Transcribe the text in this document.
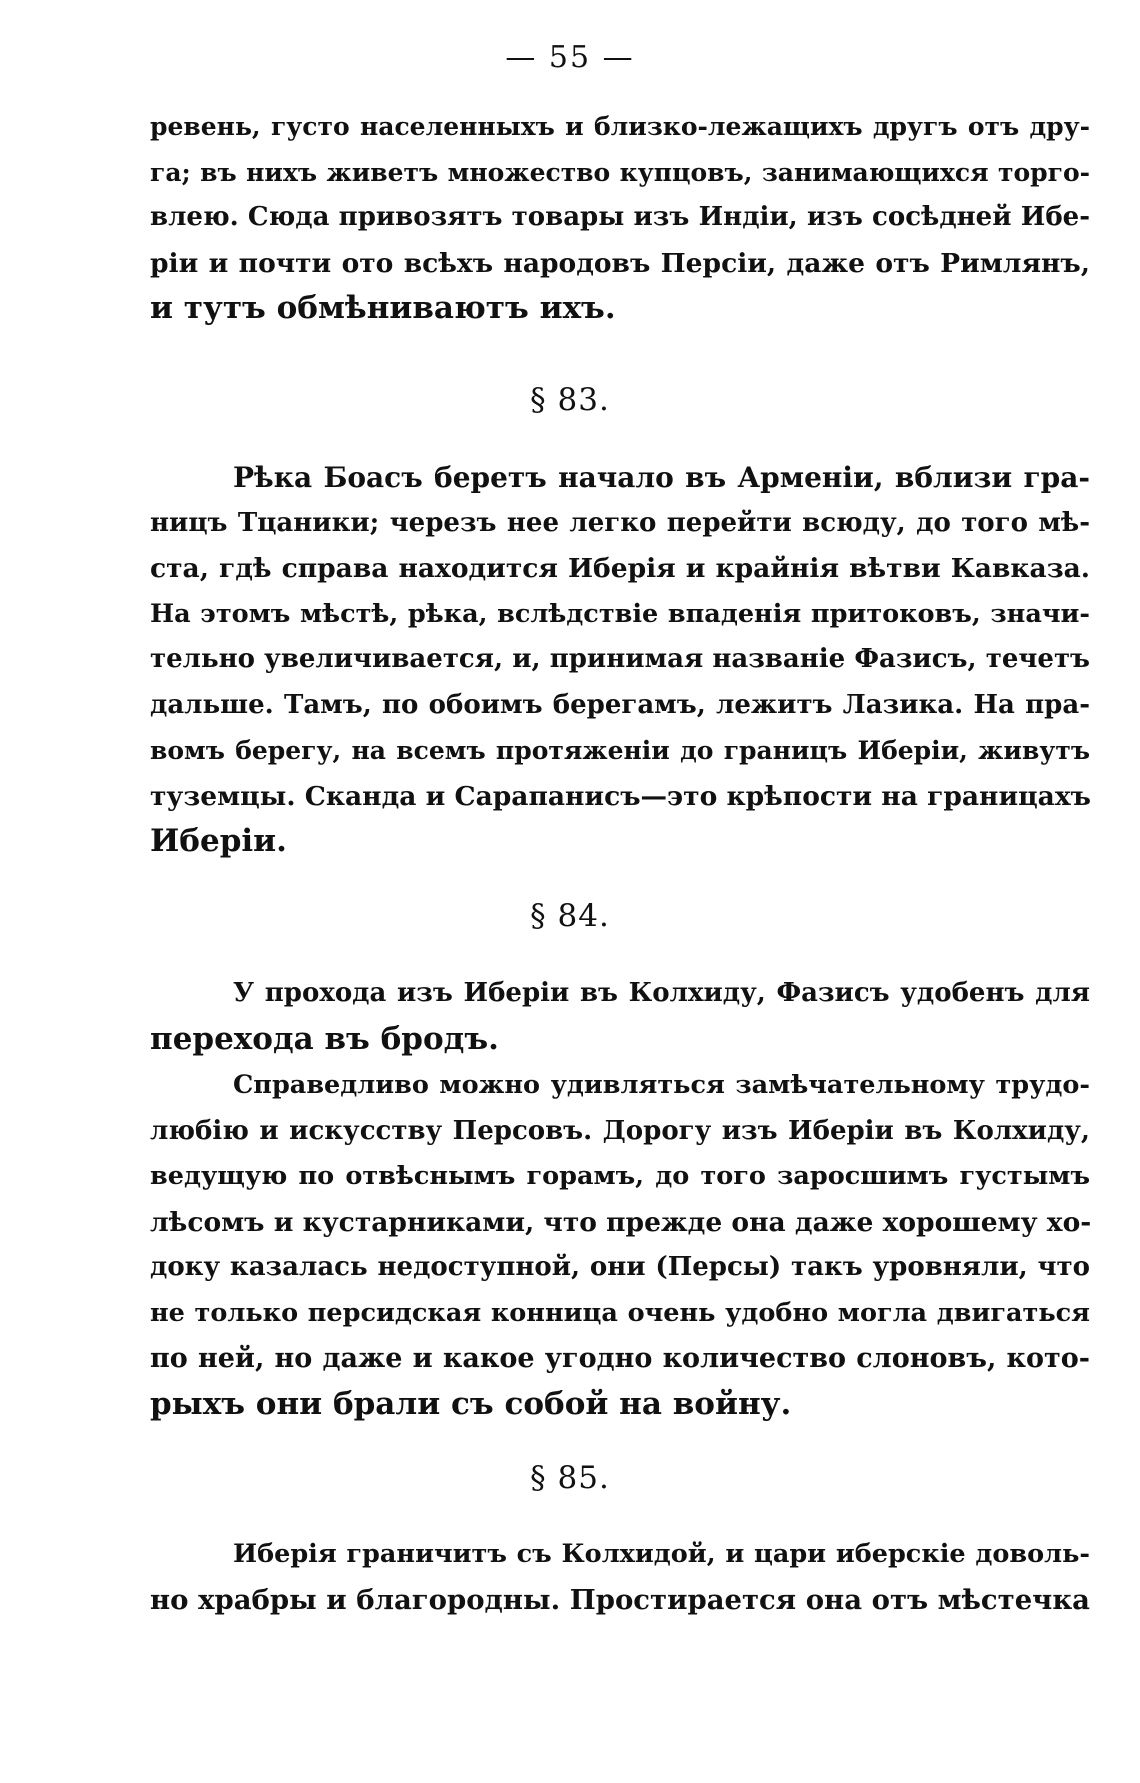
— 55 —
ревень, густо населенныхъ и близко-лежащихъ другъ отъ дру-
га; въ нихъ живетъ множество купцовъ, занимающихся торго-
влею. Сюда привозятъ товары изъ Индіи, изъ сосѣдней Ибе-
ріи и почти ото всѣхъ народовъ Персіи, даже отъ Римлянъ,
и тутъ обмѣниваютъ ихъ.
§ 83.
Рѣка Боасъ беретъ начало въ Арменіи, вблизи гра-
ницъ Тцаники; черезъ нее легко перейти всюду, до того мѣ-
ста, гдѣ справа находится Иберія и крайнія вѣтви Кавказа.
На этомъ мѣстѣ, рѣка, вслѣдствіе впаденія притоковъ, значи-
тельно увеличивается, и, принимая названіе Фазисъ, течетъ
дальше. Тамъ, по обоимъ берегамъ, лежитъ Лазика. На пра-
вомъ берегу, на всемъ протяженіи до границъ Иберіи, живутъ
туземцы. Сканда и Сарапанисъ—это крѣпости на границахъ
Иберіи.
§ 84.
У прохода изъ Иберіи въ Колхиду, Фазисъ удобенъ для
перехода въ бродъ.
Справедливо можно удивляться замѣчательному трудо-
любію и искусству Персовъ. Дорогу изъ Иберіи въ Колхиду,
ведущую по отвѣснымъ горамъ, до того заросшимъ густымъ
лѣсомъ и кустарниками, что прежде она даже хорошему хо-
доку казалась недоступной, они (Персы) такъ уровняли, что
не только персидская конница очень удобно могла двигаться
по ней, но даже и какое угодно количество слоновъ, кото-
рыхъ они брали съ собой на войну.
§ 85.
Иберія граничитъ съ Колхидой, и цари иберскіе доволь-
но храбры и благородны. Простирается она отъ мѣстечка
